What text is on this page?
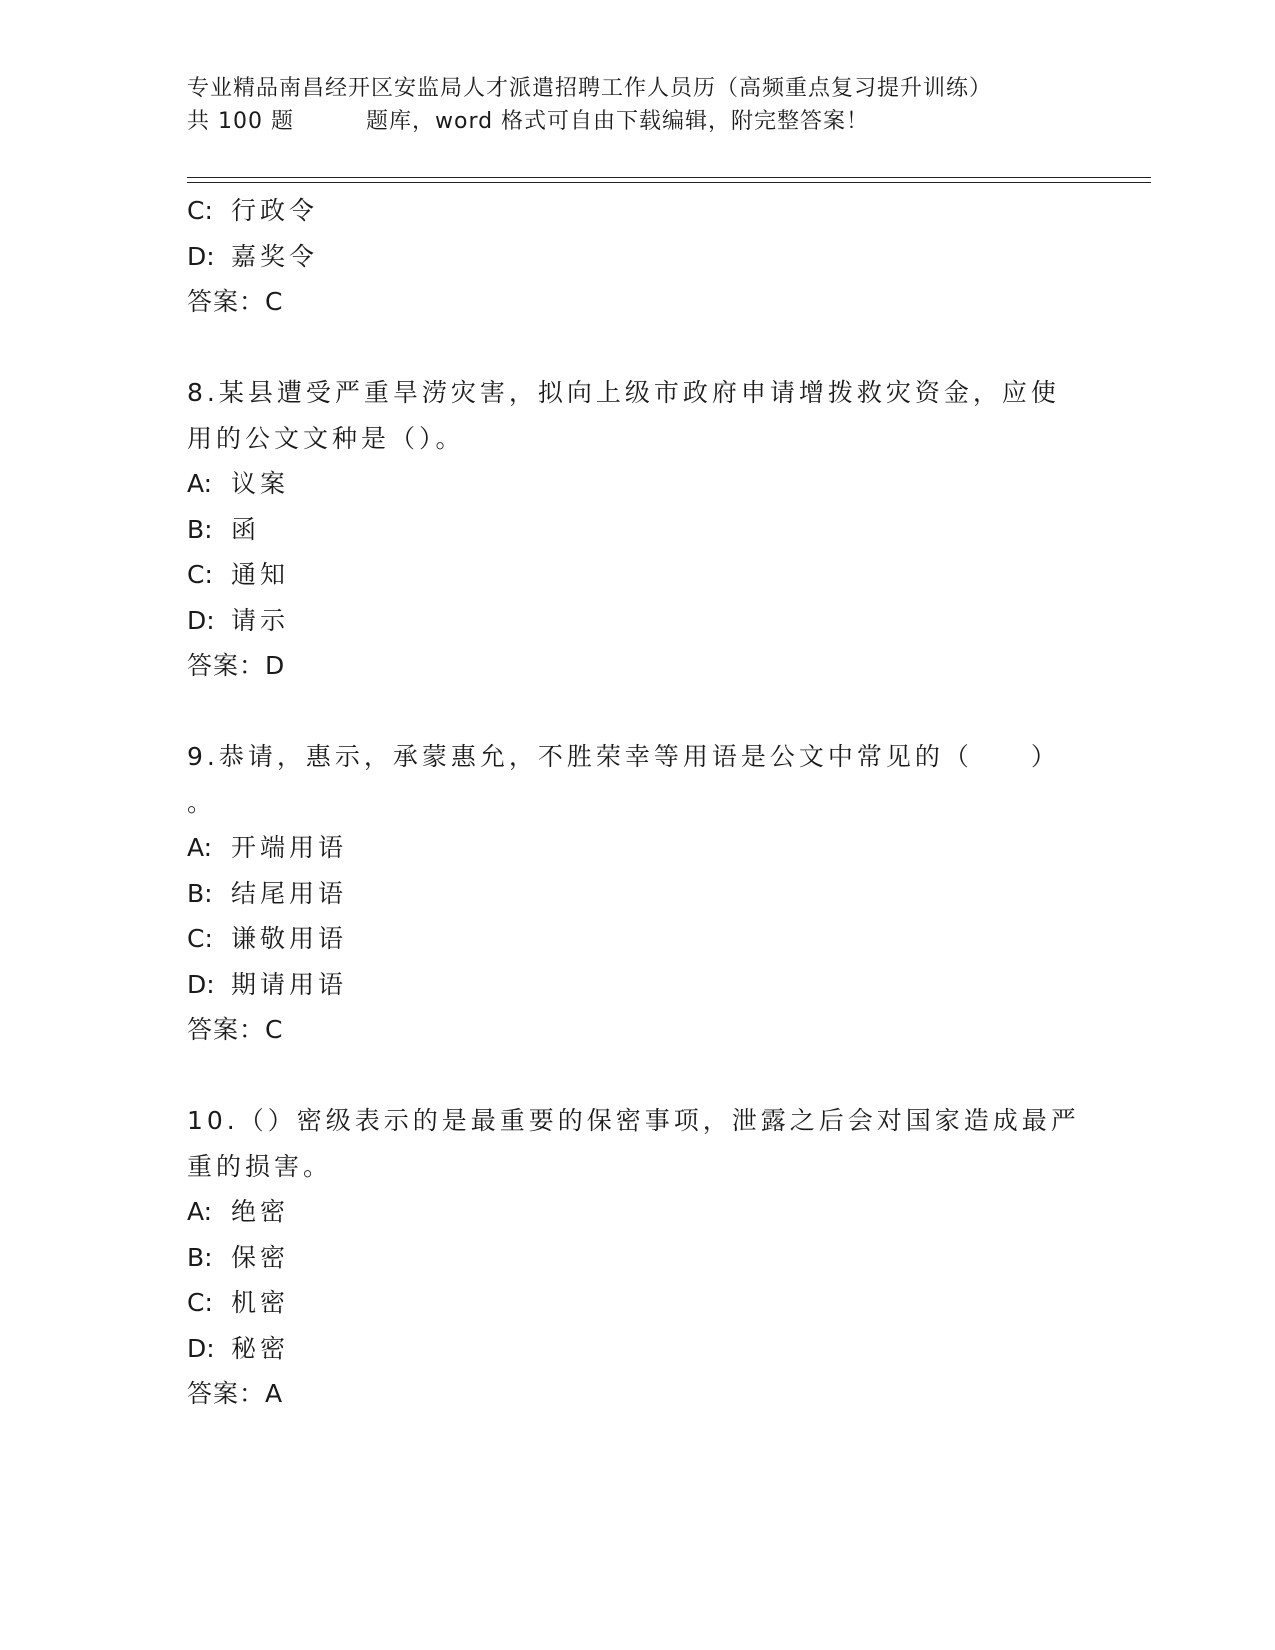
专业精品南昌经开区安监局人才派遣招聘工作人员历（高频重点复习提升训练）
共 100 题	题库，word 格式可自由下载编辑，附完整答案！
C: 行政令
D: 嘉奖令
答案：C
8.某县遭受严重旱涝灾害，拟向上级市政府申请增拨救灾资金，应使
用的公文文种是（）。
A: 议案
B: 函
C: 通知
D: 请示
答案：D
9.恭请，惠示，承蒙惠允，不胜荣幸等用语是公文中常见的（　　）
。
A: 开端用语
B: 结尾用语
C: 谦敬用语
D: 期请用语
答案：C
10.（）密级表示的是最重要的保密事项，泄露之后会对国家造成最严
重的损害。
A: 绝密
B: 保密
C: 机密
D: 秘密
答案：A
